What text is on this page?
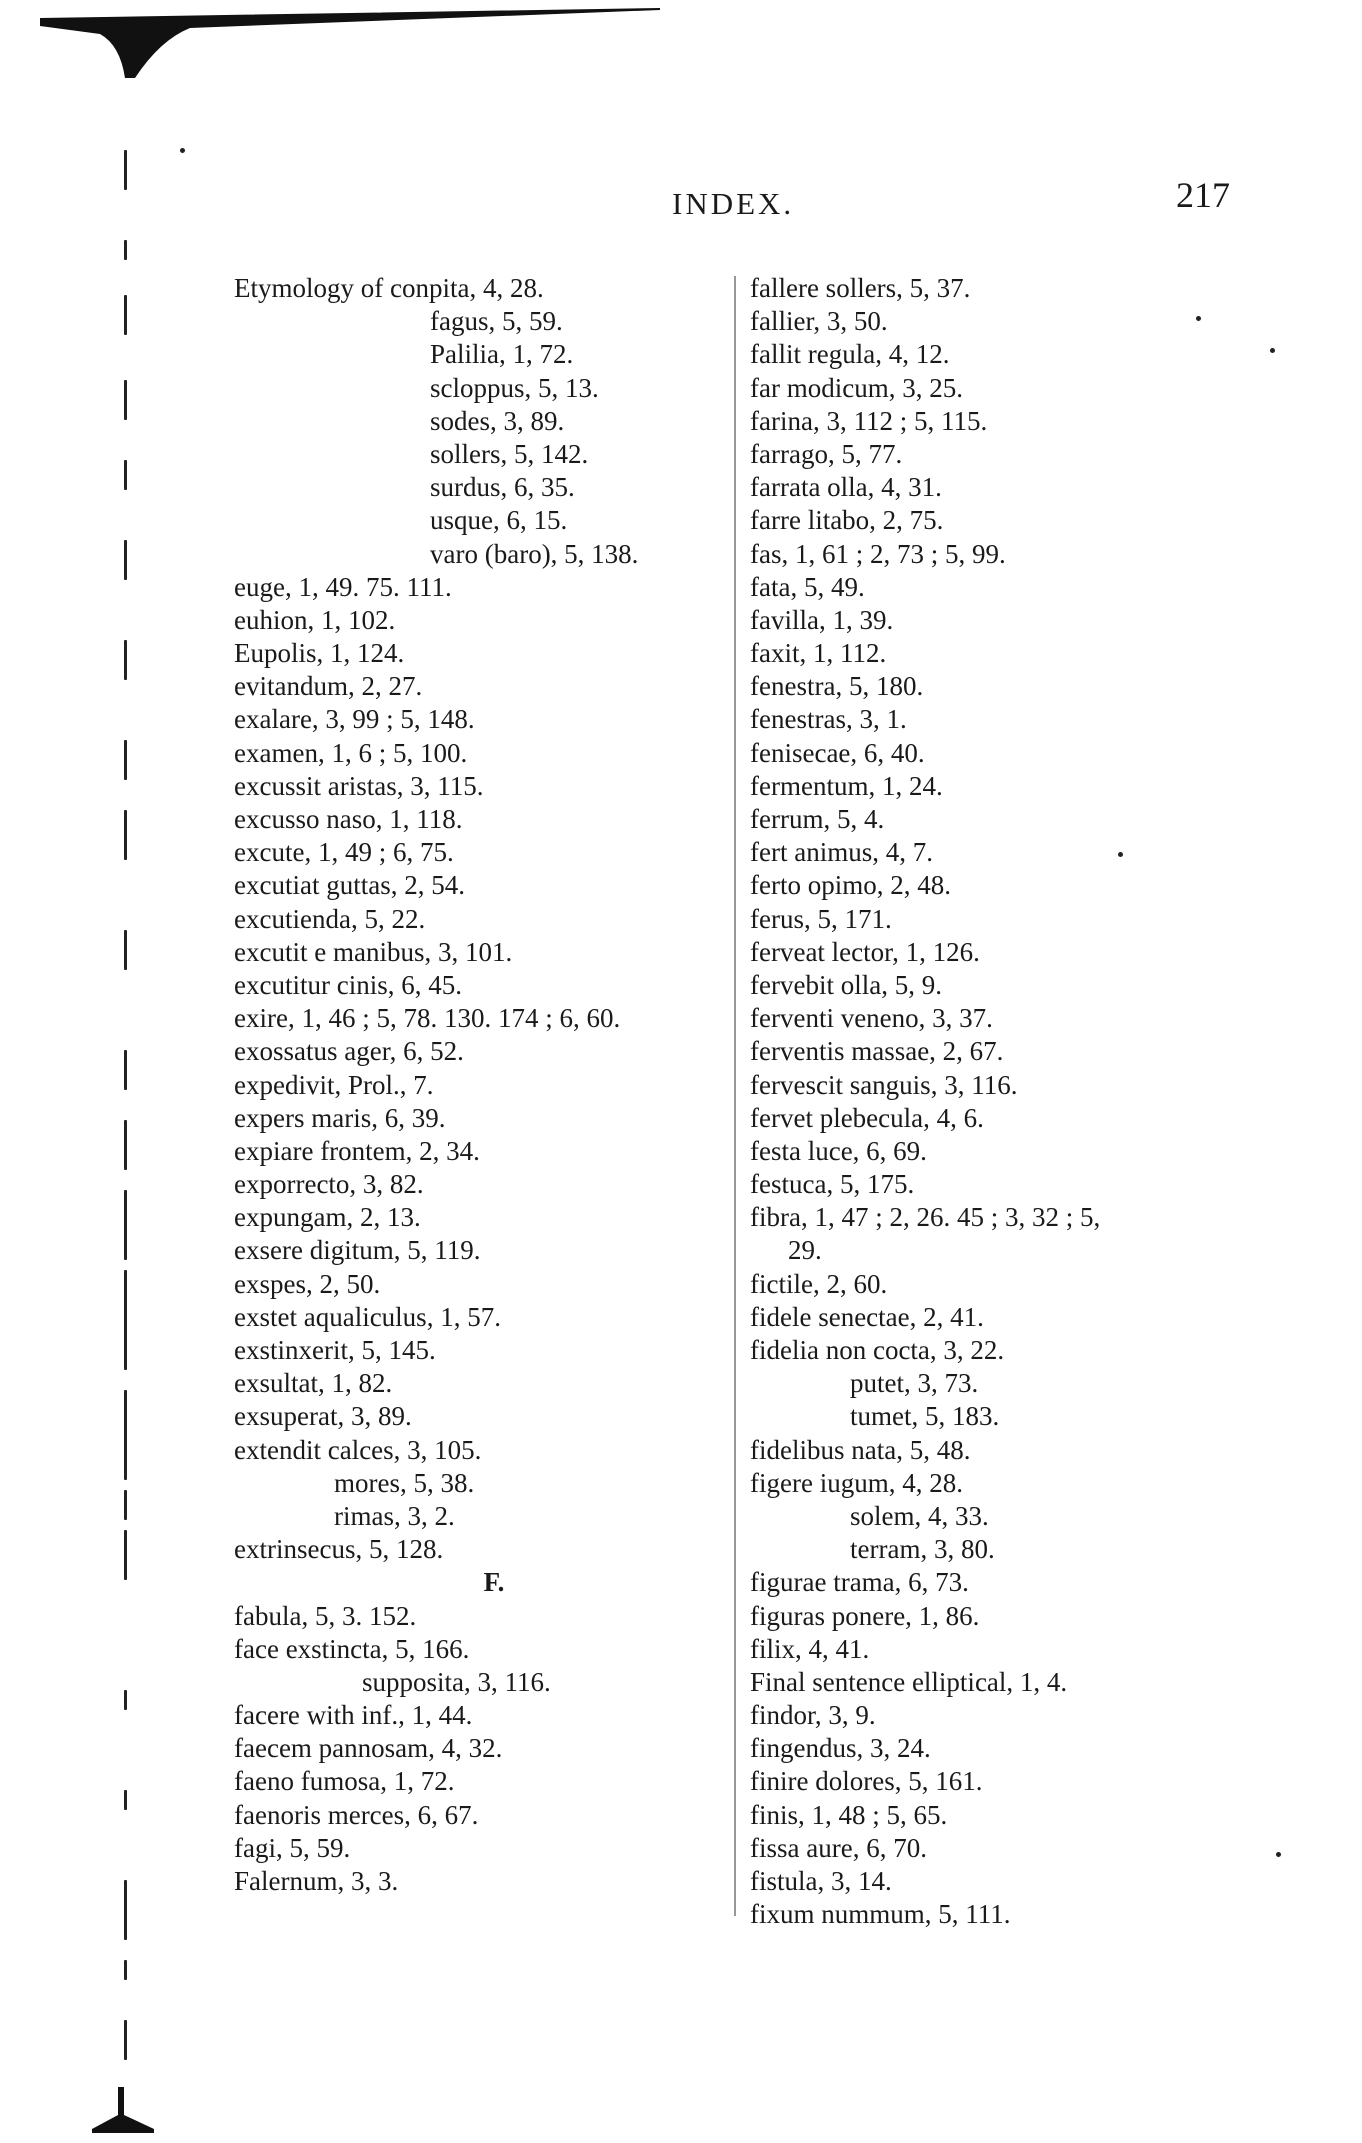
INDEX.	217
Etymology of conpita, 4, 28.
fagus, 5, 59.
Palilia, 1, 72.
scloppus, 5, 13.
sodes, 3, 89.
sollers, 5, 142.
surdus, 6, 35.
usque, 6, 15.
varo (baro), 5, 138.
euge, 1, 49. 75. 111.
euhion, 1, 102.
Eupolis, 1, 124.
evitandum, 2, 27.
exalare, 3, 99 ; 5, 148.
examen, 1, 6 ; 5, 100.
excussit aristas, 3, 115.
excusso naso, 1, 118.
excute, 1, 49 ; 6, 75.
excutiat guttas, 2, 54.
excutienda, 5, 22.
excutit e manibus, 3, 101.
excutitur cinis, 6, 45.
exire, 1, 46 ; 5, 78. 130. 174 ; 6, 60.
exossatus ager, 6, 52.
expedivit, Prol., 7.
expers maris, 6, 39.
expiare frontem, 2, 34.
exporrecto, 3, 82.
expungam, 2, 13.
exsere digitum, 5, 119.
exspes, 2, 50.
exstet aqualiculus, 1, 57.
exstinxerit, 5, 145.
exsultat, 1, 82.
exsuperat, 3, 89.
extendit calces, 3, 105.
mores, 5, 38.
rimas, 3, 2.
extrinsecus, 5, 128.
F.
fabula, 5, 3. 152.
face exstincta, 5, 166.
supposita, 3, 116.
facere with inf., 1, 44.
faecem pannosam, 4, 32.
faeno fumosa, 1, 72.
faenoris merces, 6, 67.
fagi, 5, 59.
Falernum, 3, 3.
fallere sollers, 5, 37.
fallier, 3, 50.
fallit regula, 4, 12.
far modicum, 3, 25.
farina, 3, 112 ; 5, 115.
farrago, 5, 77.
farrata olla, 4, 31.
farre litabo, 2, 75.
fas, 1, 61 ; 2, 73 ; 5, 99.
fata, 5, 49.
favilla, 1, 39.
faxit, 1, 112.
fenestra, 5, 180.
fenestras, 3, 1.
fenisecae, 6, 40.
fermentum, 1, 24.
ferrum, 5, 4.
fert animus, 4, 7.
ferto opimo, 2, 48.
ferus, 5, 171.
ferveat lector, 1, 126.
fervebit olla, 5, 9.
ferventi veneno, 3, 37.
ferventis massae, 2, 67.
fervescit sanguis, 3, 116.
fervet plebecula, 4, 6.
festa luce, 6, 69.
festuca, 5, 175.
fibra, 1, 47 ; 2, 26. 45 ; 3, 32 ; 5,
29.
fictile, 2, 60.
fidele senectae, 2, 41.
fidelia non cocta, 3, 22.
putet, 3, 73.
tumet, 5, 183.
fidelibus nata, 5, 48.
figere iugum, 4, 28.
solem, 4, 33.
terram, 3, 80.
figurae trama, 6, 73.
figuras ponere, 1, 86.
filix, 4, 41.
Final sentence elliptical, 1, 4.
findor, 3, 9.
fingendus, 3, 24.
finire dolores, 5, 161.
finis, 1, 48 ; 5, 65.
fissa aure, 6, 70.
fistula, 3, 14.
fixum nummum, 5, 111.
